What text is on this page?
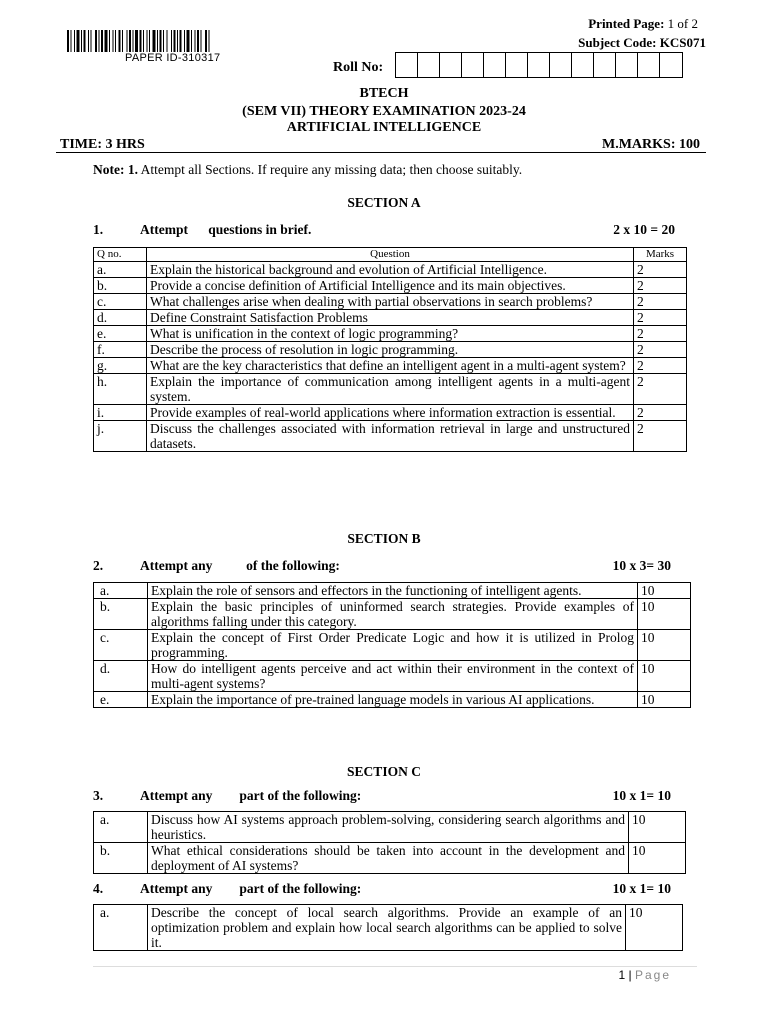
PAPER ID-310317
Printed Page: 1 of 2
Subject Code: KCS071
Roll No:
BTECH
(SEM VII) THEORY EXAMINATION 2023-24
ARTIFICIAL INTELLIGENCE
TIME: 3 HRS	M.MARKS: 100
Note: 1. Attempt all Sections. If require any missing data; then choose suitably.
SECTION A
1.	Attempt      questions in brief.	2 x 10 = 20
Q no.	Question	Marks
a.	Explain the historical background and evolution of Artificial Intelligence.	2
b.	Provide a concise definition of Artificial Intelligence and its main objectives.	2
c.	What challenges arise when dealing with partial observations in search problems?	2
d.	Define Constraint Satisfaction Problems	2
e.	What is unification in the context of logic programming?	2
f.	Describe the process of resolution in logic programming.	2
g.	What are the key characteristics that define an intelligent agent in a multi-agent system?	2
h.	Explain the importance of communication among intelligent agents in a multi-agent system.	2
i.	Provide examples of real-world applications where information extraction is essential.	2
j.	Discuss the challenges associated with information retrieval in large and unstructured datasets.	2
SECTION B
2.	Attempt any          of the following:	10 x 3= 30
a.	Explain the role of sensors and effectors in the functioning of intelligent agents.	10
b.	Explain the basic principles of uninformed search strategies. Provide examples of algorithms falling under this category.	10
c.	Explain the concept of First Order Predicate Logic and how it is utilized in Prolog programming.	10
d.	How do intelligent agents perceive and act within their environment in the context of multi-agent systems?	10
e.	Explain the importance of pre-trained language models in various AI applications.	10
SECTION C
3.	Attempt any        part of the following:	10 x 1= 10
a.	Discuss how AI systems approach problem-solving, considering search algorithms and heuristics.	10
b.	What ethical considerations should be taken into account in the development and deployment of AI systems?	10
4.	Attempt any        part of the following:	10 x 1= 10
a.	Describe the concept of local search algorithms. Provide an example of an optimization problem and explain how local search algorithms can be applied to solve it.	10
1 | Page
